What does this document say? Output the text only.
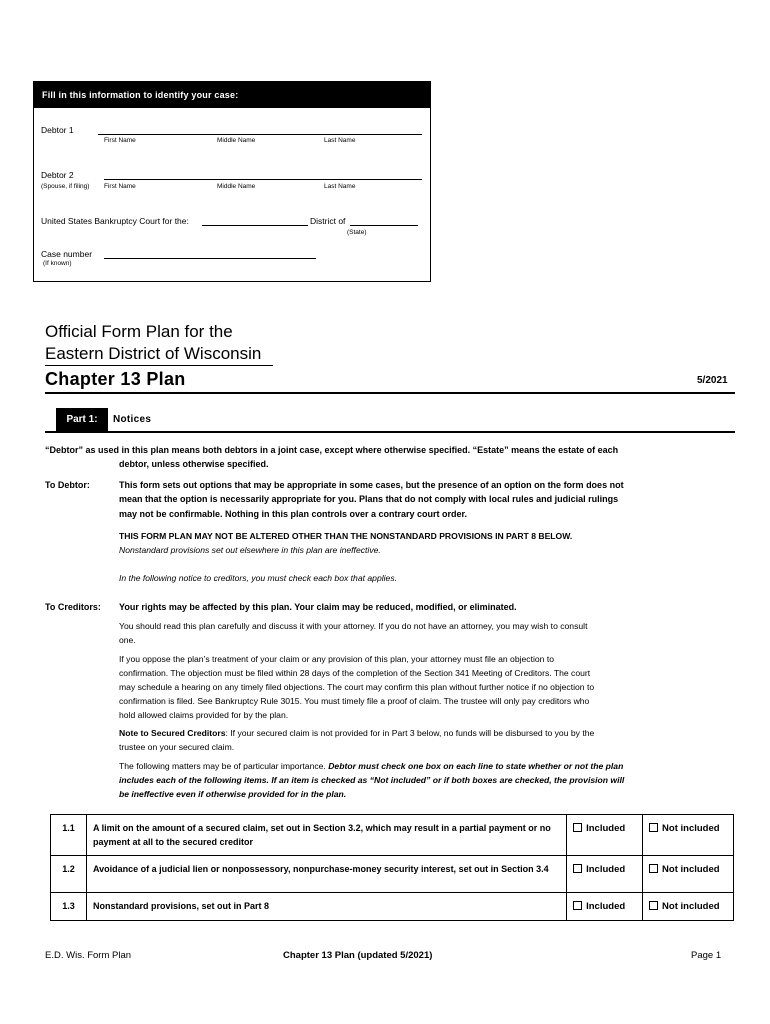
Fill in this information to identify your case:
Debtor 1
First Name	Middle Name	Last Name
Debtor 2
(Spouse, if filing) First Name	Middle Name	Last Name
United States Bankruptcy Court for the:	District of
(State)
Case number
(If known)
Official Form Plan for the
Eastern District of Wisconsin
Chapter 13 Plan	5/2021
Part 1:	Notices
“Debtor” as used in this plan means both debtors in a joint case, except where otherwise specified. “Estate” means the estate of each
debtor, unless otherwise specified.
To Debtor:	This form sets out options that may be appropriate in some cases, but the presence of an option on the form does not
mean that the option is necessarily appropriate for you. Plans that do not comply with local rules and judicial rulings
may not be confirmable. Nothing in this plan controls over a contrary court order.
THIS FORM PLAN MAY NOT BE ALTERED OTHER THAN THE NONSTANDARD PROVISIONS IN PART 8 BELOW.
Nonstandard provisions set out elsewhere in this plan are ineffective.
In the following notice to creditors, you must check each box that applies.
To Creditors: Your rights may be affected by this plan. Your claim may be reduced, modified, or eliminated.
You should read this plan carefully and discuss it with your attorney. If you do not have an attorney, you may wish to consult
one.
If you oppose the plan’s treatment of your claim or any provision of this plan, your attorney must file an objection to
confirmation. The objection must be filed within 28 days of the completion of the Section 341 Meeting of Creditors. The court
may schedule a hearing on any timely filed objections. The court may confirm this plan without further notice if no objection to
confirmation is filed. See Bankruptcy Rule 3015. You must timely file a proof of claim. The trustee will only pay creditors who
hold allowed claims provided for by the plan.
Note to Secured Creditors: If your secured claim is not provided for in Part 3 below, no funds will be disbursed to you by the
trustee on your secured claim.
The following matters may be of particular importance. Debtor must check one box on each line to state whether or not the plan
includes each of the following items. If an item is checked as “Not included” or if both boxes are checked, the provision will
be ineffective even if otherwise provided for in the plan.
1.1	A limit on the amount of a secured claim, set out in Section 3.2, which may result in a partial payment or no payment at all to the secured creditor	Included	Not included
1.2	Avoidance of a judicial lien or nonpossessory, nonpurchase-money security interest, set out in Section 3.4	Included	Not included
1.3	Nonstandard provisions, set out in Part 8	Included	Not included
E.D. Wis. Form Plan	Chapter 13 Plan (updated 5/2021)	Page 1
